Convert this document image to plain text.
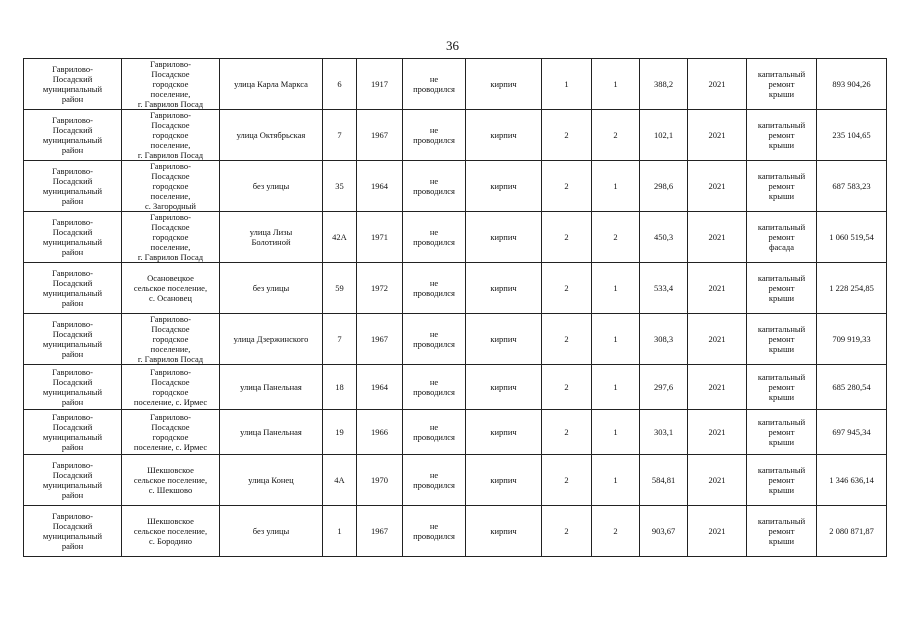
36
Гаврилово-
Посадский
муниципальный
район	Гаврилово-
Посадское
городское
поселение,
г. Гаврилов Посад	улица Карла Маркса	6	1917	не
проводился	кирпич	1	1	388,2	2021	капитальный
ремонт
крыши	893 904,26
Гаврилово-
Посадский
муниципальный
район	Гаврилово-
Посадское
городское
поселение,
г. Гаврилов Посад	улица Октябрьская	7	1967	не
проводился	кирпич	2	2	102,1	2021	капитальный
ремонт
крыши	235 104,65
Гаврилово-
Посадский
муниципальный
район	Гаврилово-
Посадское
городское
поселение,
с. Загородный	без улицы	35	1964	не
проводился	кирпич	2	1	298,6	2021	капитальный
ремонт
крыши	687 583,23
Гаврилово-
Посадский
муниципальный
район	Гаврилово-
Посадское
городское
поселение,
г. Гаврилов Посад	улица Лизы
Болотиной	42А	1971	не
проводился	кирпич	2	2	450,3	2021	капитальный
ремонт
фасада	1 060 519,54
Гаврилово-
Посадский
муниципальный
район	Осановецкое
сельское поселение,
с. Осановец	без улицы	59	1972	не
проводился	кирпич	2	1	533,4	2021	капитальный
ремонт
крыши	1 228 254,85
Гаврилово-
Посадский
муниципальный
район	Гаврилово-
Посадское
городское
поселение,
г. Гаврилов Посад	улица Дзержинского	7	1967	не
проводился	кирпич	2	1	308,3	2021	капитальный
ремонт
крыши	709 919,33
Гаврилово-
Посадский
муниципальный
район	Гаврилово-
Посадское
городское
поселение, с. Ирмес	улица Панельная	18	1964	не
проводился	кирпич	2	1	297,6	2021	капитальный
ремонт
крыши	685 280,54
Гаврилово-
Посадский
муниципальный
район	Гаврилово-
Посадское
городское
поселение, с. Ирмес	улица Панельная	19	1966	не
проводился	кирпич	2	1	303,1	2021	капитальный
ремонт
крыши	697 945,34
Гаврилово-
Посадский
муниципальный
район	Шекшовское
сельское поселение,
с. Шекшово	улица Конец	4А	1970	не
проводился	кирпич	2	1	584,81	2021	капитальный
ремонт
крыши	1 346 636,14
Гаврилово-
Посадский
муниципальный
район	Шекшовское
сельское поселение,
с. Бородино	без улицы	1	1967	не
проводился	кирпич	2	2	903,67	2021	капитальный
ремонт
крыши	2 080 871,87
